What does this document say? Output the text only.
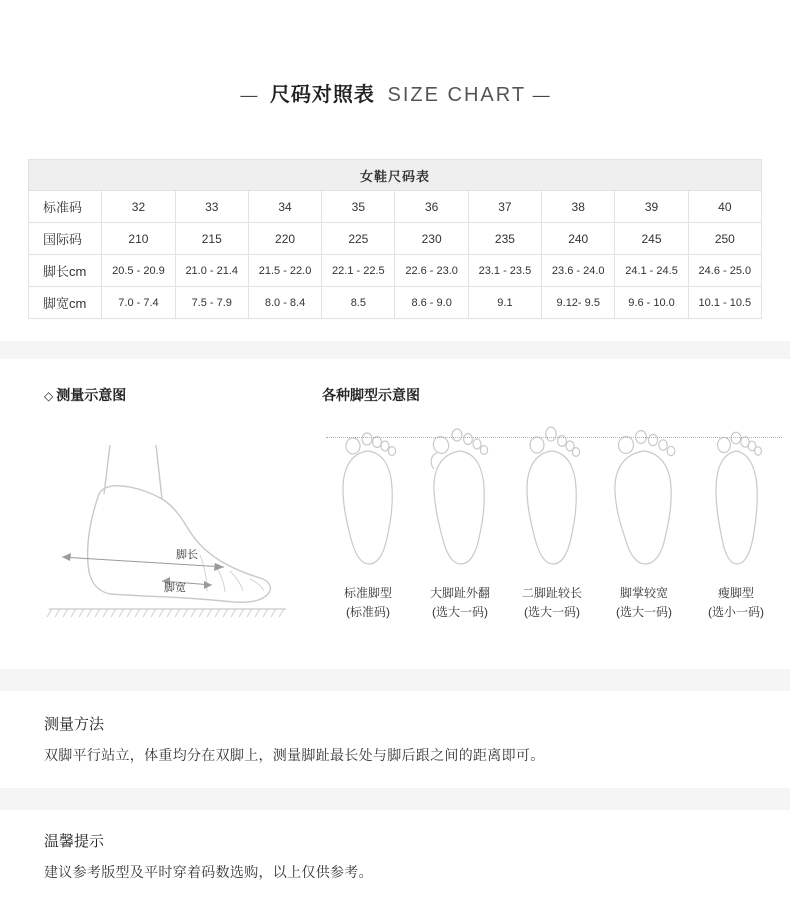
— 尺码对照表 SIZE CHART —
女鞋尺码表									
标准码	32	33	34	35	36	37	38	39	40
国际码	210	215	220	225	230	235	240	245	250
脚长cm	20.5 - 20.9	21.0 - 21.4	21.5 - 22.0	22.1 - 22.5	22.6 - 23.0	23.1 - 23.5	23.6 - 24.0	24.1 - 24.5	24.6 - 25.0
脚宽cm	7.0 - 7.4	7.5 - 7.9	8.0 - 8.4	8.5	8.6 - 9.0	9.1	9.12- 9.5	9.6 - 10.0	10.1 - 10.5
◇ 测量示意图
脚长
脚宽
各种脚型示意图
标准脚型
(标准码)
大脚趾外翻
(选大一码)
二脚趾较长
(选大一码)
脚掌较宽
(选大一码)
瘦脚型
(选小一码)
测量方法
双脚平行站立，体重均分在双脚上，测量脚趾最长处与脚后跟之间的距离即可。
温馨提示
建议参考版型及平时穿着码数选购，以上仅供参考。
